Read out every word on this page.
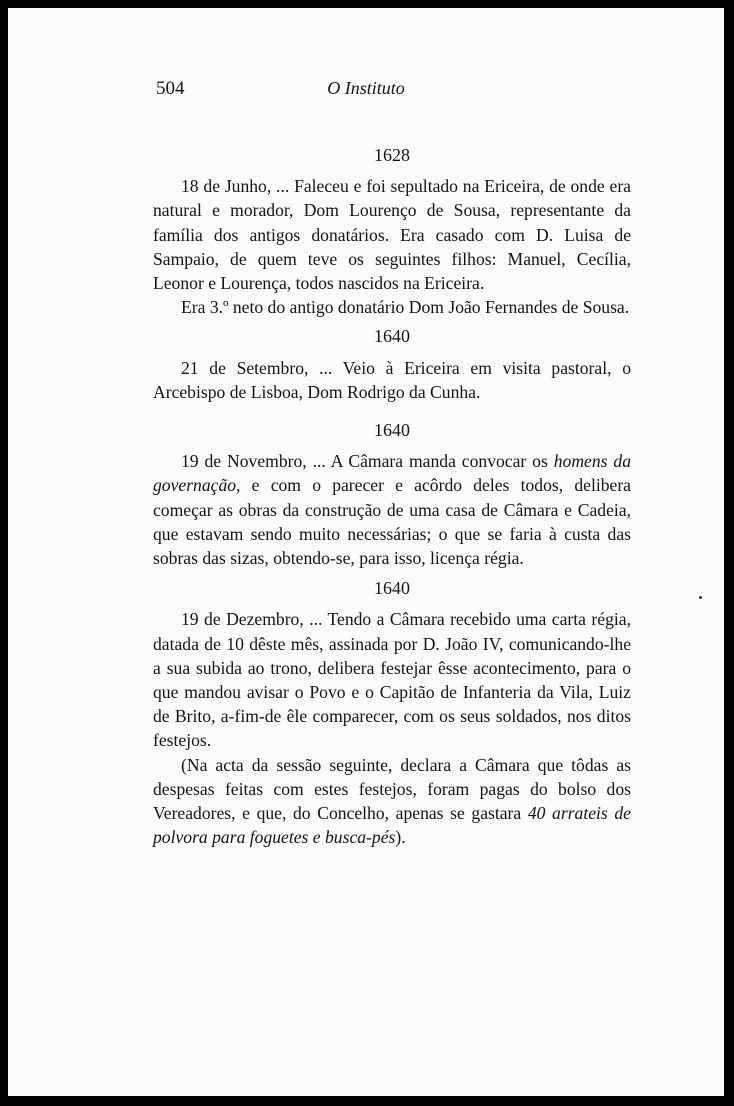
504	O Instituto
1628

18 de Junho, ... Faleceu e foi sepultado na Ericeira, de onde era natural e morador, Dom Lourenço de Sousa, representante da família dos antigos donatários. Era casado com D. Luisa de Sampaio, de quem teve os seguintes filhos: Manuel, Cecília, Leonor e Lourença, todos nascidos na Ericeira.

Era 3.º neto do antigo donatário Dom João Fernandes de Sousa.

1640

21 de Setembro, ... Veio à Ericeira em visita pastoral, o Arcebispo de Lisboa, Dom Rodrigo da Cunha.

1640

19 de Novembro, ... A Câmara manda convocar os homens da governação, e com o parecer e acôrdo deles todos, delibera começar as obras da construção de uma casa de Câmara e Cadeia, que estavam sendo muito necessárias; o que se faria à custa das sobras das sizas, obtendo-se, para isso, licença régia.

1640

19 de Dezembro, ... Tendo a Câmara recebido uma carta régia, datada de 10 dêste mês, assinada por D. João IV, comunicando-lhe a sua subida ao trono, delibera festejar êsse acontecimento, para o que mandou avisar o Povo e o Capitão de Infanteria da Vila, Luiz de Brito, a-fim-de êle comparecer, com os seus soldados, nos ditos festejos.

(Na acta da sessão seguinte, declara a Câmara que tôdas as despesas feitas com estes festejos, foram pagas do bolso dos Vereadores, e que, do Concelho, apenas se gastara 40 arrateis de polvora para foguetes e busca-pés).
